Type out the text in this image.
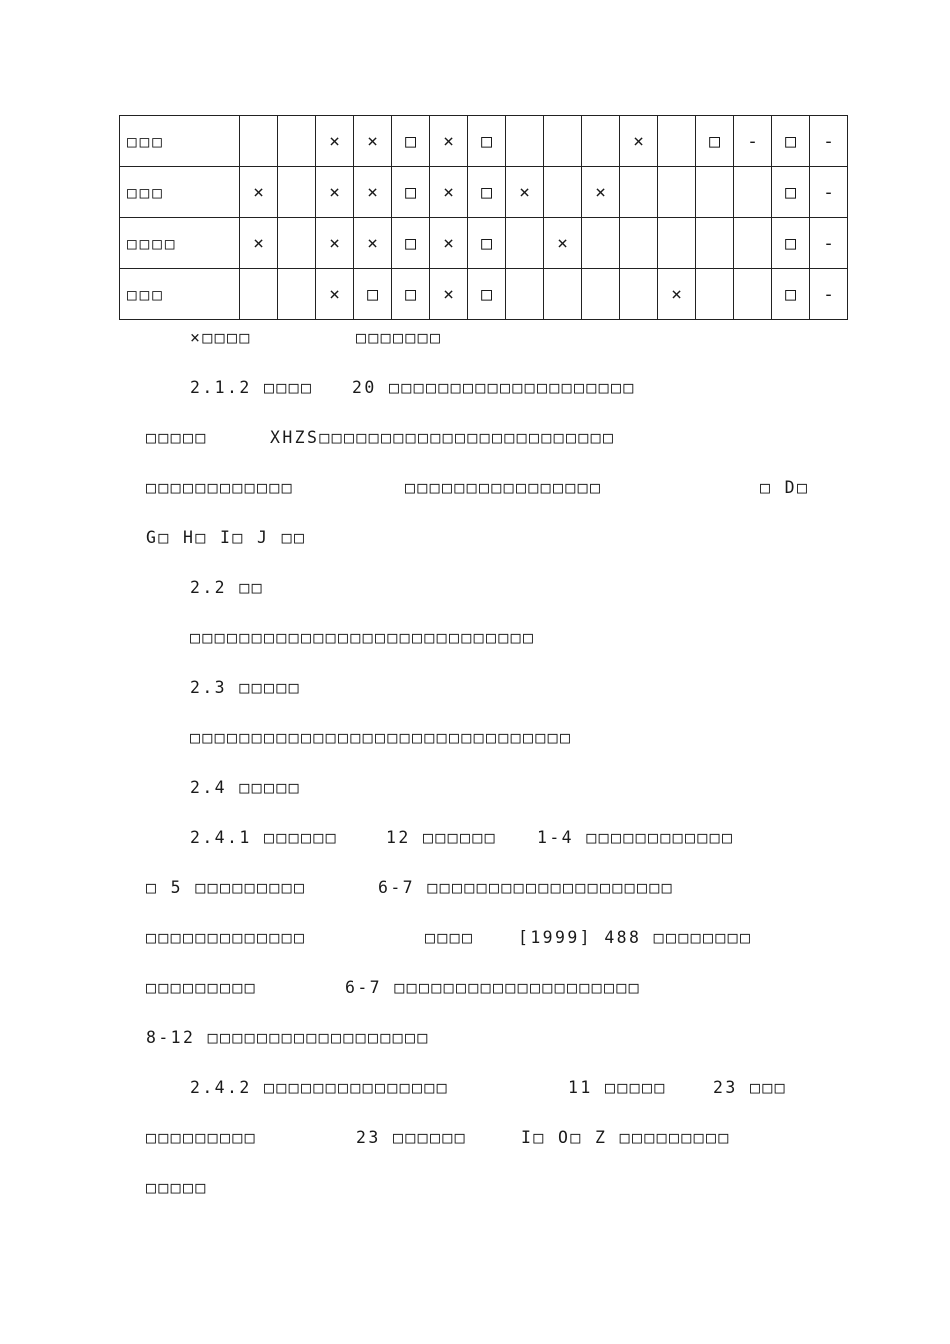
□□□			×	×	□	×	□				×		□	-	□	-
□□□	×		×	×	□	×	□	×		×					□	-
□□□□	×		×	×	□	×	□		×						□	-
□□□			×	□	□	×	□					×			□	-
×□□□□	□□□□□□□
2.1.2 □□□□ 20 □□□□□□□□□□□□□□□□□□□□
□□□□□	XHZS□□□□□□□□□□□□□□□□□□□□□□□□
□□□□□□□□□□□□	□□□□□□□□□□□□□□□□	□ D□
G□ H□ I□ J □□
2.2 □□
□□□□□□□□□□□□□□□□□□□□□□□□□□□□
2.3 □□□□□
□□□□□□□□□□□□□□□□□□□□□□□□□□□□□□□
2.4 □□□□□
2.4.1 □□□□□□	12 □□□□□□ 1-4 □□□□□□□□□□□□
□ 5 □□□□□□□□□	6-7 □□□□□□□□□□□□□□□□□□□□
□□□□□□□□□□□□□	□□□□	[1999] 488 □□□□□□□□
□□□□□□□□□	6-7 □□□□□□□□□□□□□□□□□□□□
8-12 □□□□□□□□□□□□□□□□□□
2.4.2 □□□□□□□□□□□□□□□	11 □□□□□	23 □□□
□□□□□□□□□	23 □□□□□□	I□ O□ Z □□□□□□□□□
□□□□□
